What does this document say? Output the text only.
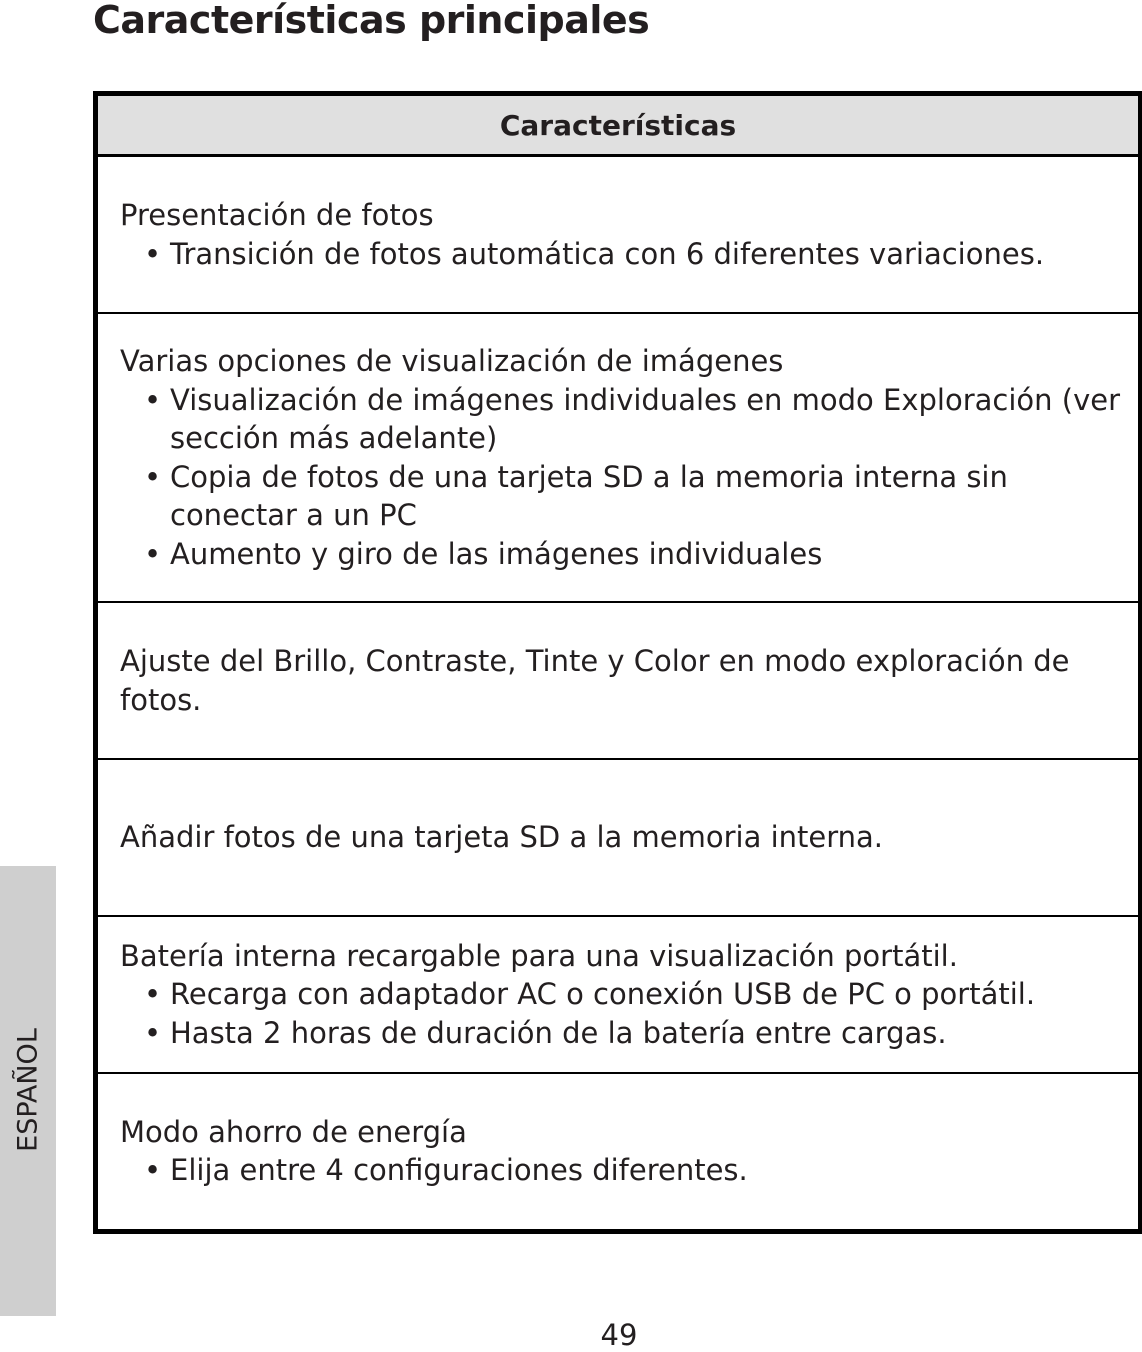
Características principales
Características
Presentación de fotos
• Transición de fotos automática con 6 diferentes variaciones.
Varias opciones de visualización de imágenes
• Visualización de imágenes individuales en modo Exploración (ver sección más adelante)
• Copia de fotos de una tarjeta SD a la memoria interna sin conectar a un PC
• Aumento y giro de las imágenes individuales
Ajuste del Brillo, Contraste, Tinte y Color en modo exploración de fotos.
Añadir fotos de una tarjeta SD a la memoria interna.
Batería interna recargable para una visualización portátil.
• Recarga con adaptador AC o conexión USB de PC o portátil.
• Hasta 2 horas de duración de la batería entre cargas.
Modo ahorro de energía
• Elija entre 4 configuraciones diferentes.
ESPAÑOL
49
